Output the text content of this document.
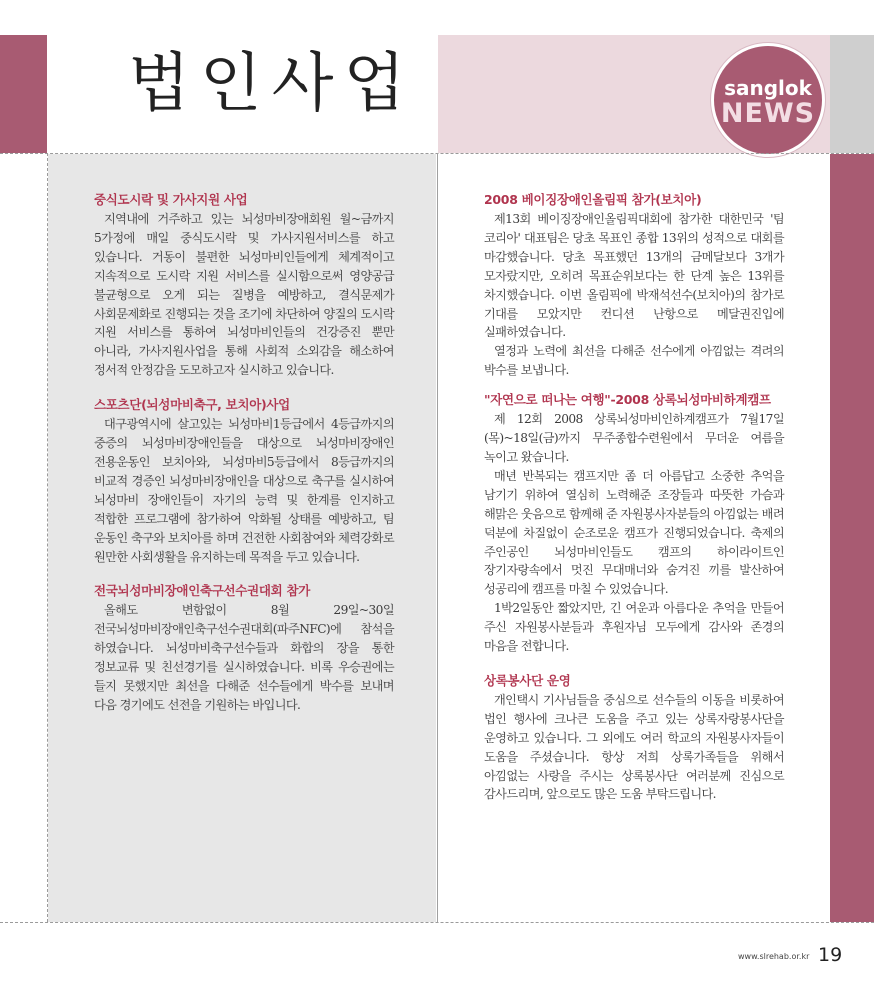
법인사업	sanglok
NEWS
중식도시락 및 가사지원 사업

지역내에 거주하고 있는 뇌성마비장애회원 월~금까지 5가정에 매일 중식도시락 및 가사지원서비스를 하고 있습니다. 거동이 불편한 뇌성마비인들에게 체계적이고 지속적으로 도시락 지원 서비스를 실시함으로써 영양공급 불균형으로 오게 되는 질병을 예방하고, 결식문제가 사회문제화로 진행되는 것을 조기에 차단하여 양질의 도시락 지원 서비스를 통하여 뇌성마비인들의 건강증진 뿐만 아니라, 가사지원사업을 통해 사회적 소외감을 해소하여 정서적 안정감을 도모하고자 실시하고 있습니다.

스포츠단(뇌성마비축구, 보치아)사업

대구광역시에 살고있는 뇌성마비1등급에서 4등급까지의 중증의 뇌성마비장애인들을 대상으로 뇌성마비장애인 전용운동인 보치아와, 뇌성마비5등급에서 8등급까지의 비교적 경증인 뇌성마비장애인을 대상으로 축구를 실시하여 뇌성마비 장애인들이 자기의 능력 및 한계를 인지하고 적합한 프로그램에 참가하여 악화될 상태를 예방하고, 팀 운동인 축구와 보치아를 하며 건전한 사회참여와 체력강화로 원만한 사회생활을 유지하는데 목적을 두고 있습니다.

전국뇌성마비장애인축구선수권대회 참가

올해도 변함없이 8월 29일~30일 전국뇌성마비장애인축구선수권대회(파주NFC)에 참석을 하였습니다. 뇌성마비축구선수들과 화합의 장을 통한 정보교류 및 친선경기를 실시하였습니다. 비록 우승권에는 들지 못했지만 최선을 다해준 선수들에게 박수를 보내며 다음 경기에도 선전을 기원하는 바입니다.

2008 베이징장애인올림픽 참가(보치아)

제13회 베이징장애인올림픽대회에 참가한 대한민국 '팀 코리아' 대표팀은 당초 목표인 종합 13위의 성적으로 대회를 마감했습니다. 당초 목표했던 13개의 금메달보다 3개가 모자랐지만, 오히려 목표순위보다는 한 단계 높은 13위를 차지했습니다. 이번 올림픽에 박재석선수(보치아)의 참가로 기대를 모았지만 컨디션 난항으로 메달권진입에 실패하였습니다.

열정과 노력에 최선을 다해준 선수에게 아낌없는 격려의 박수를 보냅니다.

"자연으로 떠나는 여행"-2008 상록뇌성마비하계캠프

제 12회 2008 상록뇌성마비인하계캠프가 7월17일(목)~18일(금)까지 무주종합수련원에서 무더운 여름을 녹이고 왔습니다.

매년 반복되는 캠프지만 좀 더 아름답고 소중한 추억을 남기기 위하여 열심히 노력해준 조장들과 따뜻한 가슴과 해맑은 웃음으로 함께해 준 자원봉사자분들의 아낌없는 배려 덕분에 차질없이 순조로운 캠프가 진행되었습니다. 축제의 주인공인 뇌성마비인들도 캠프의 하이라이트인 장기자랑속에서 멋진 무대매너와 숨겨진 끼를 발산하여 성공리에 캠프를 마칠 수 있었습니다.

1박2일동안 짧았지만, 긴 여운과 아름다운 추억을 만들어 주신 자원봉사분들과 후원자님 모두에게 감사와 존경의 마음을 전합니다.

상록봉사단 운영

개인택시 기사님들을 중심으로 선수들의 이동을 비롯하여 법인 행사에 크나큰 도움을 주고 있는 상록자랑봉사단을 운영하고 있습니다. 그 외에도 여러 학교의 자원봉사자들이 도움을 주셨습니다. 항상 저희 상록가족들을 위해서 아낌없는 사랑을 주시는 상록봉사단 여러분께 진심으로 감사드리며, 앞으로도 많은 도움 부탁드립니다.

www.slrehab.or.kr 19
